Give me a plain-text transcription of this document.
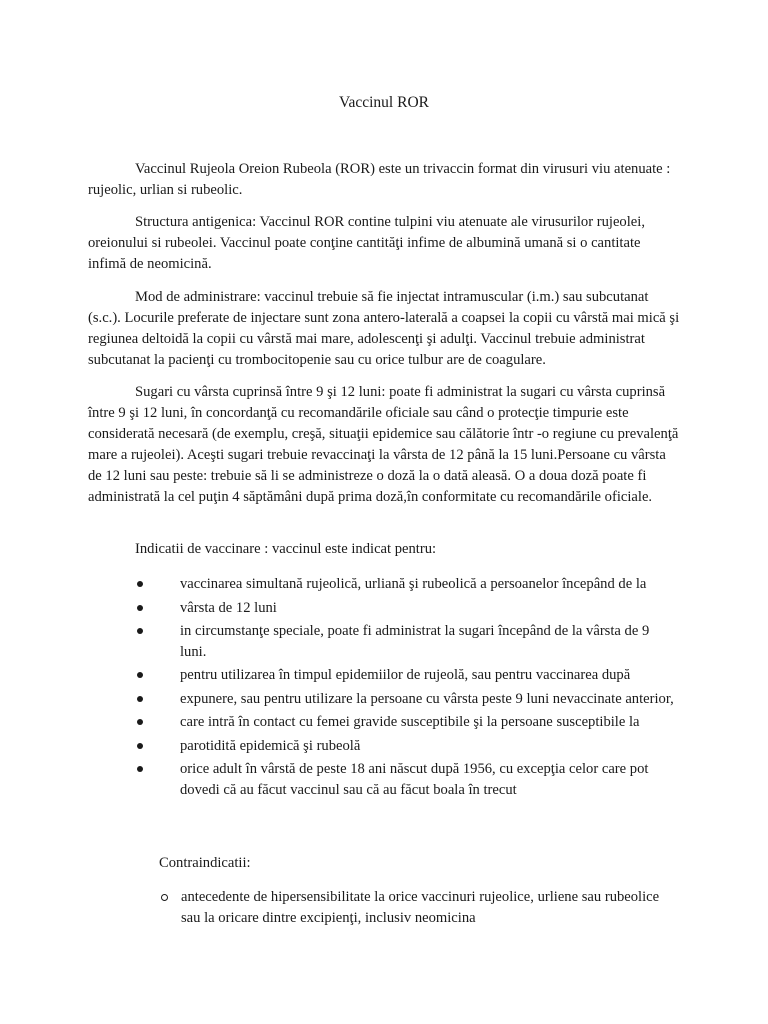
Vaccinul ROR

Vaccinul Rujeola Oreion Rubeola (ROR) este un trivaccin format din virusuri viu atenuate : rujeolic, urlian si rubeolic.

Structura antigenica: Vaccinul ROR contine tulpini viu atenuate ale virusurilor rujeolei, oreionului si rubeolei. Vaccinul poate conţine cantităţi infime de albumină umană si o cantitate infimă de neomicină.

Mod de administrare: vaccinul trebuie să fie injectat intramuscular (i.m.) sau subcutanat (s.c.). Locurile preferate de injectare sunt zona antero-laterală a coapsei la copii cu vârstă mai mică şi regiunea deltoidă la copii cu vârstă mai mare, adolescenţi şi adulţi. Vaccinul trebuie administrat subcutanat la pacienţi cu trombocitopenie sau cu orice tulbur are de coagulare.

Sugari cu vârsta cuprinsă între 9 şi 12 luni: poate fi administrat la sugari cu vârsta cuprinsă între 9 şi 12 luni, în concordanţă cu recomandările oficiale sau când o protecţie timpurie este considerată necesară (de exemplu, creşă, situaţii epidemice sau călătorie într -o regiune cu prevalenţă mare a rujeolei). Aceşti sugari trebuie revaccinaţi la vârsta de 12 până la 15 luni.Persoane cu vârsta de 12 luni sau peste: trebuie să li se administreze o doză la o dată aleasă. O a doua doză poate fi administrată la cel puţin 4 săptămâni după prima doză,în conformitate cu recomandările oficiale.

Indicatii de vaccinare : vaccinul este indicat pentru:

vaccinarea simultană rujeolică, urliană şi rubeolică a persoanelor începând de la
vârsta de 12 luni
in circumstanţe speciale, poate fi administrat la sugari începând de la vârsta de 9 luni.
pentru utilizarea în timpul epidemiilor de rujeolă, sau pentru vaccinarea după
expunere, sau pentru utilizare la persoane cu vârsta peste 9 luni nevaccinate anterior,
care intră în contact cu femei gravide susceptibile şi la persoane susceptibile la
parotidită epidemică şi rubeolă
orice adult în vârstă de peste 18 ani născut după 1956, cu excepţia celor care pot dovedi că au făcut vaccinul sau că au făcut boala în trecut

Contraindicatii:

antecedente de hipersensibilitate la orice vaccinuri rujeolice, urliene sau rubeolice sau la oricare dintre excipienţi, inclusiv neomicina
